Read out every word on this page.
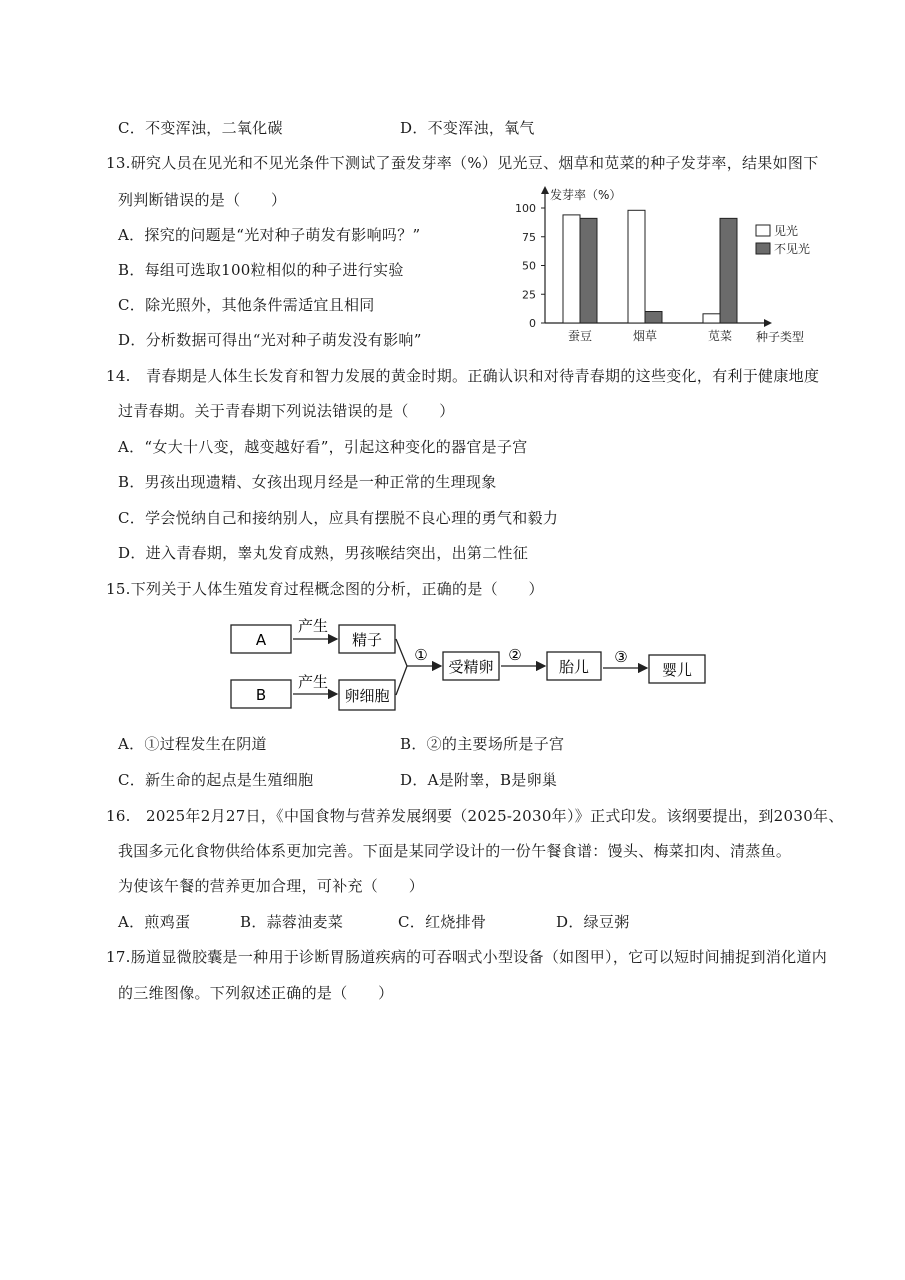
C．不变浑浊，二氧化碳	D．不变浑浊，氧气
13.研究人员在见光和不见光条件下测试了蚕发芽率（%）见光豆、烟草和苋菜的种子发芽率，结果如图下
列判断错误的是（　　）
A．探究的问题是“光对种子萌发有影响吗？”
B．每组可选取100粒相似的种子进行实验
C．除光照外，其他条件需适宜且相同
D．分析数据可得出“光对种子萌发没有影响”
发芽率（%）
0
25
50
75
100
蚕豆	烟草	苋菜 种子类型
见光
不见光
14.　青春期是人体生长发育和智力发展的黄金时期。正确认识和对待青春期的这些变化，有利于健康地度
过青春期。关于青春期下列说法错误的是（　　）
A．“女大十八变，越变越好看”，引起这种变化的器官是子宫
B．男孩出现遗精、女孩出现月经是一种正常的生理现象
C．学会悦纳自己和接纳别人，应具有摆脱不良心理的勇气和毅力
D．进入青春期，睾丸发育成熟，男孩喉结突出，出第二性征
15.下列关于人体生殖发育过程概念图的分析，正确的是（　　）
A
B
产生
产生
精子
卵细胞
①
受精卵
②
胎儿
③
婴儿
A．①过程发生在阴道	B．②的主要场所是子宫
C．新生命的起点是生殖细胞	D．A是附睾，B是卵巢
16.　2025年2月27日，《中国食物与营养发展纲要（2025-2030年）》正式印发。该纲要提出，到2030年、
我国多元化食物供给体系更加完善。下面是某同学设计的一份午餐食谱：馒头、梅菜扣肉、清蒸鱼。
为使该午餐的营养更加合理，可补充（　　）
A．煎鸡蛋	B．蒜蓉油麦菜	C．红烧排骨	D．绿豆粥
17.肠道显微胶囊是一种用于诊断胃肠道疾病的可吞咽式小型设备（如图甲），它可以短时间捕捉到消化道内
的三维图像。下列叙述正确的是（　　）
